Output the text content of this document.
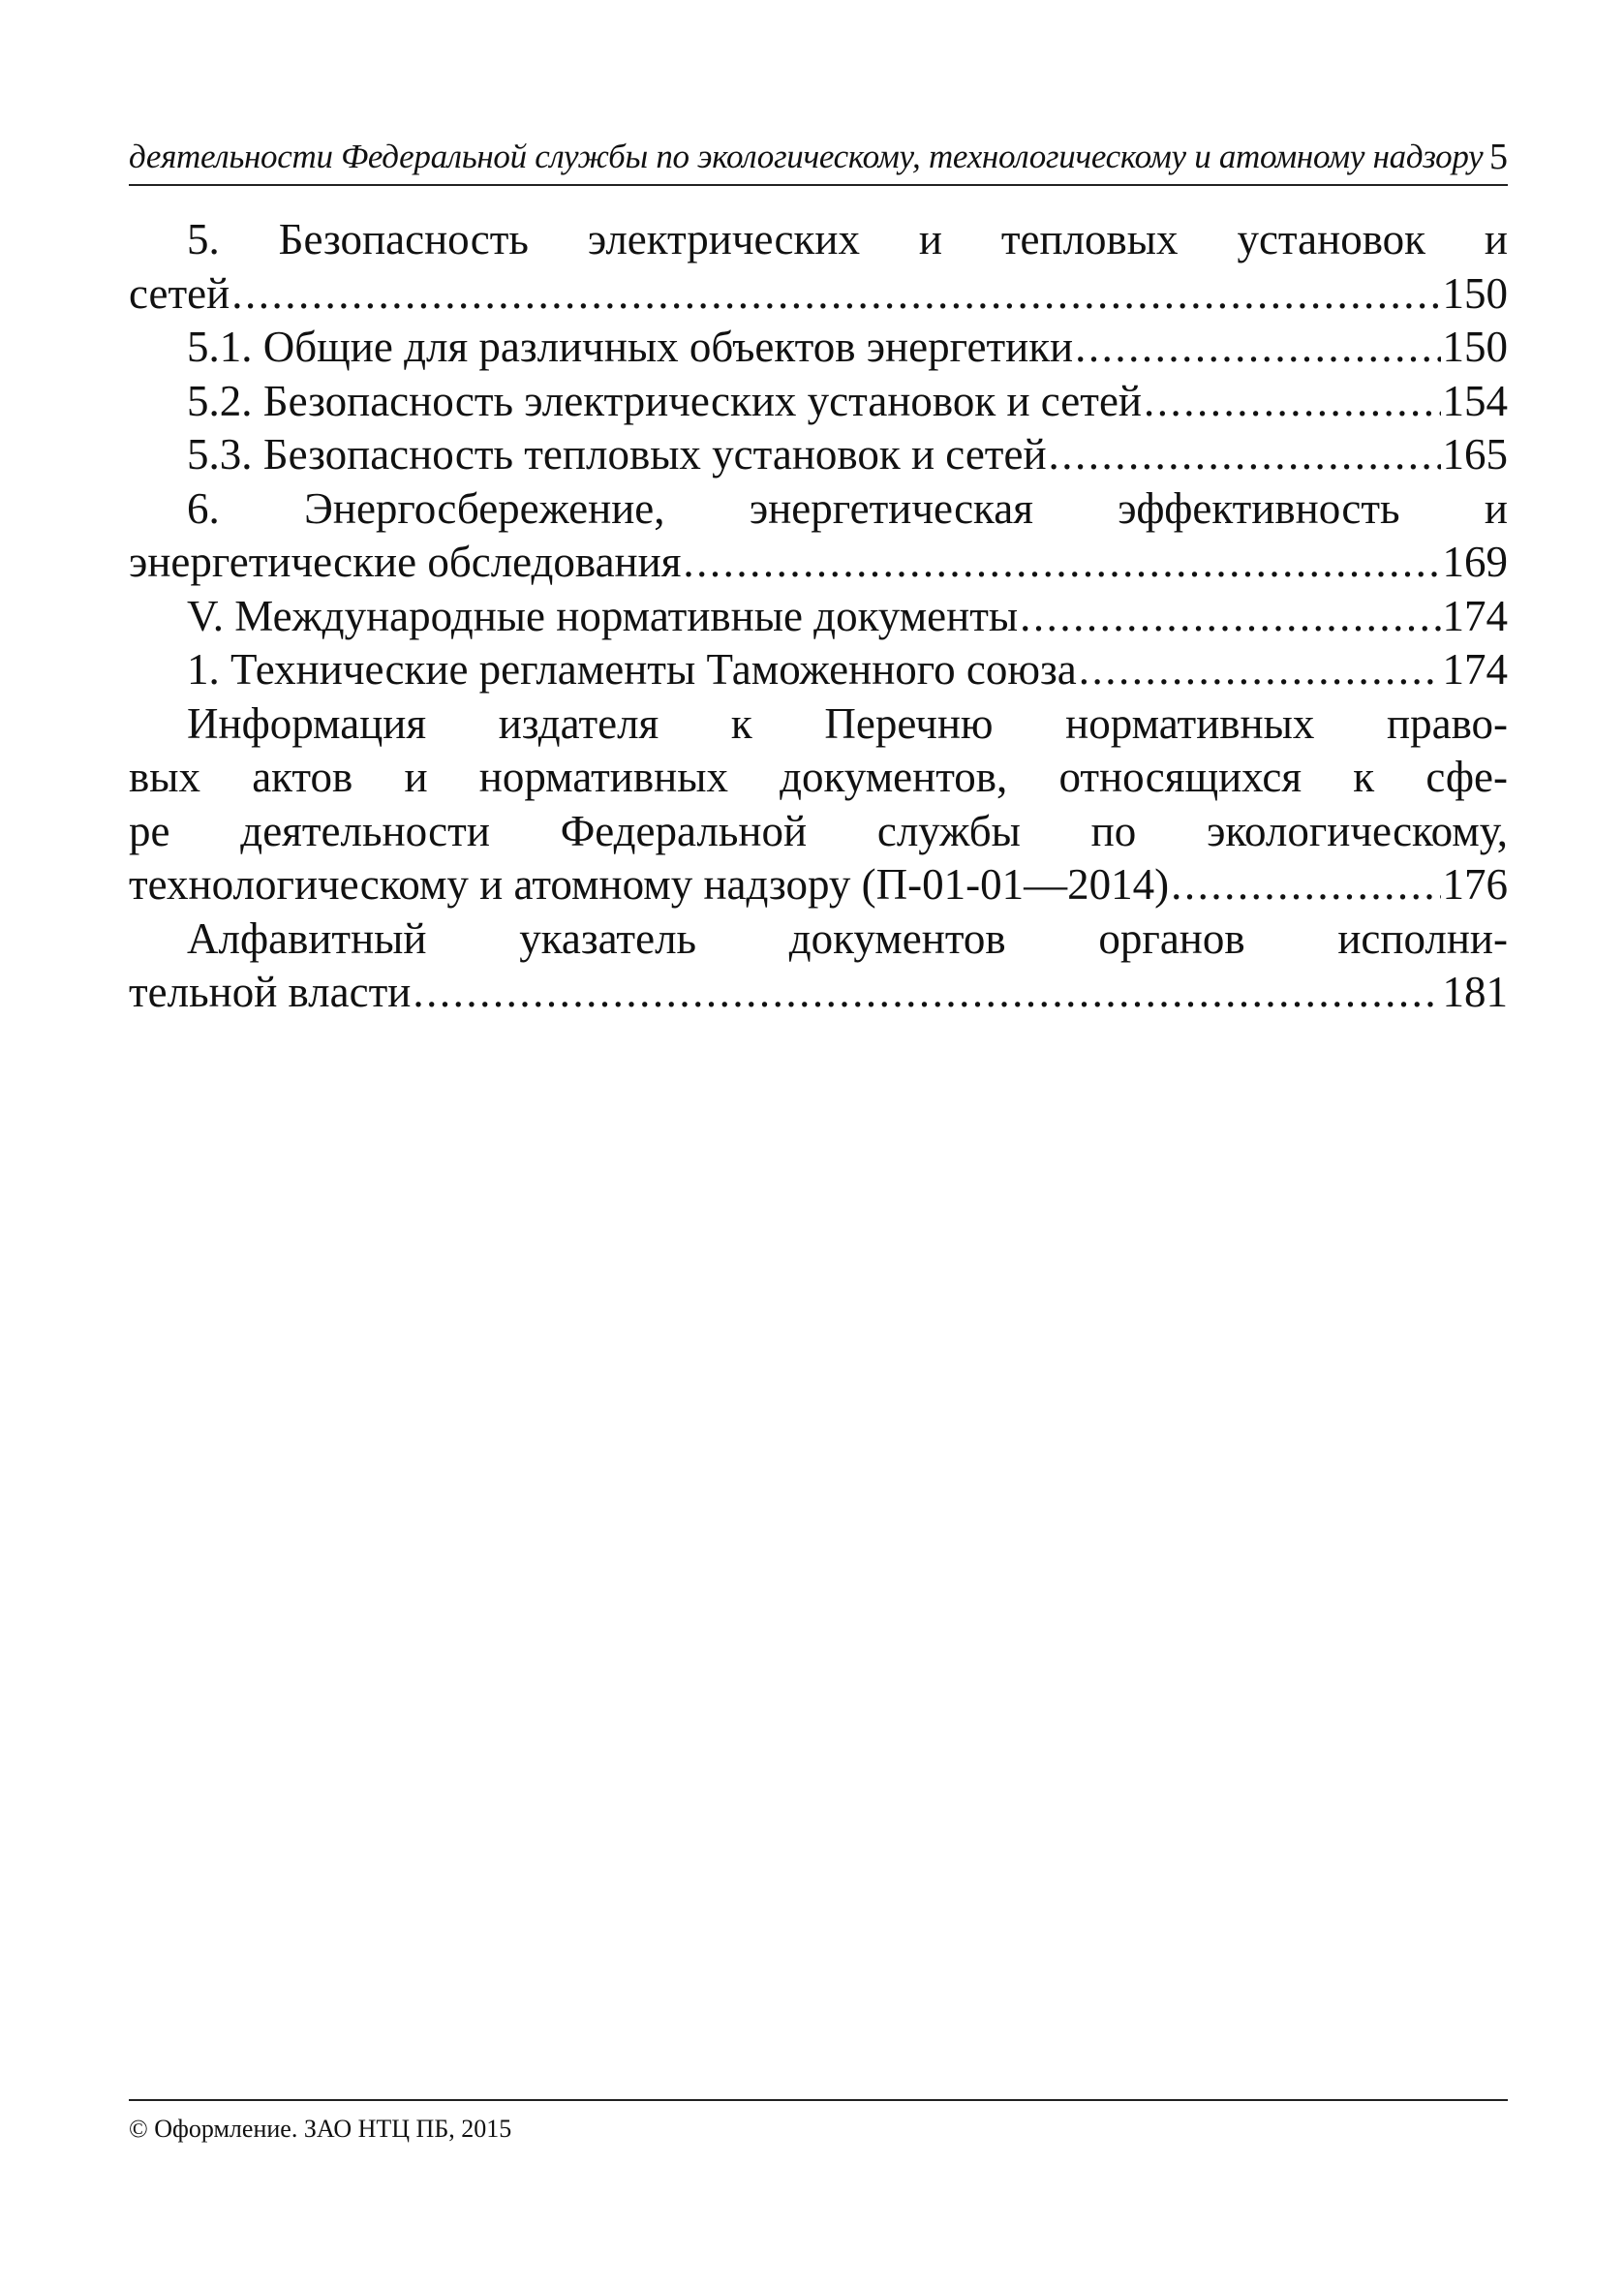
деятельности Федеральной службы по экологическому, технологическому и атомному надзору 5
5. Безопасность электрических и тепловых установок и
сетей .....	150
5.1. Общие для различных объектов энергетики .....	150
5.2. Безопасность электрических установок и сетей .....	154
5.3. Безопасность тепловых установок и сетей .....	165
6. Энергосбережение, энергетическая эффективность и
энергетические обследования .....	169
V. Международные нормативные документы .....	174
1. Технические регламенты Таможенного союза .....	174
Информация издателя к Перечню нормативных право-
вых актов и нормативных документов, относящихся к сфе-
ре деятельности Федеральной службы по экологическому,
технологическому и атомному надзору (П-01-01—2014) .....	176
Алфавитный указатель документов органов исполни-
тельной власти .....	181
© Оформление. ЗАО НТЦ ПБ, 2015
